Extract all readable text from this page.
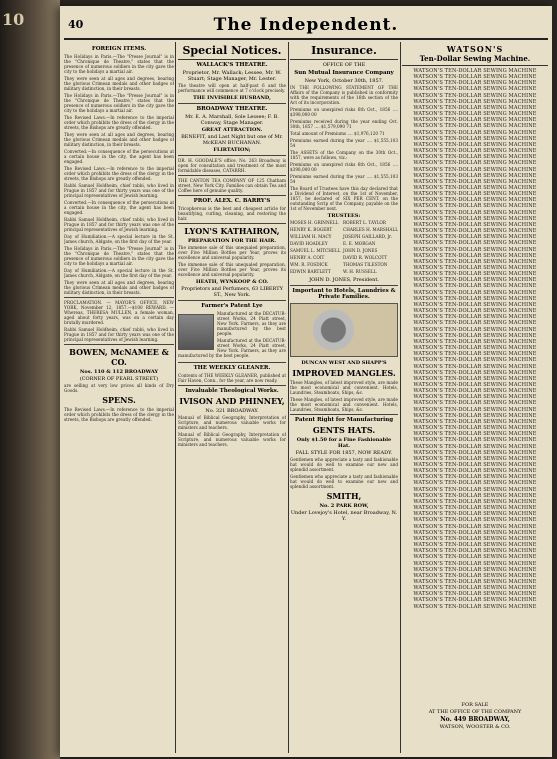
10	40	The Independent.
FOREIGN ITEMS.

The Holidays in Paris.—The "Presse Journal" is in the "Chronique de Theatre," states that the presence of numerous soldiers in the city gave the city to the holidays a martial air.

They were seen at all ages and degrees, bearing the glorious Crimean medals and other badges of military distinction, in their breasts.

The Holidays in Paris.—The "Presse Journal" is in the "Chronique de Theatre," states that the presence of numerous soldiers in the city gave the city to the holidays a martial air.

The Revised Laws.—In reference to the imperial order which prohibits the dress of the clergy in the streets, the Bishops are greatly offended.

They were seen at all ages and degrees, bearing the glorious Crimean medals and other badges of military distinction, in their breasts.

Converted.—In consequence of the persecutions at a certain house in the city, the agent has been engaged.

The Revised Laws.—In reference to the imperial order which prohibits the dress of the clergy in the streets, the Bishops are greatly offended.

Rabbi Samuel Holdheim, chief rabbi, who lived in Prague in 1857 and for thirty years was one of the principal representatives of Jewish learning.

Converted.—In consequence of the persecutions at a certain house in the city, the agent has been engaged.

Rabbi Samuel Holdheim, chief rabbi, who lived in Prague in 1857 and for thirty years was one of the principal representatives of Jewish learning.

Day of Humiliation.—A special lecture in the St. James church, Aldgate, on the first day of the year.

The Holidays in Paris.—The "Presse Journal" is in the "Chronique de Theatre," states that the presence of numerous soldiers in the city gave the city to the holidays a martial air.

Day of Humiliation.—A special lecture in the St. James church, Aldgate, on the first day of the year.

They were seen at all ages and degrees, bearing the glorious Crimean medals and other badges of military distinction, in their breasts.

PROCLAMATION. — MAYOR'S OFFICE, NEW YORK, November 12, 1857.—$100 REWARD. —Whereas, THERESA MULLEN, a female woman, aged about forty years, was on a certain day brutally murdered.

Rabbi Samuel Holdheim, chief rabbi, who lived in Prague in 1857 and for thirty years was one of the principal representatives of Jewish learning.

BOWEN, McNAMEE & CO.
Nos. 110 & 112 BROADWAY
(CORNER OF PEARL STREET)

are selling at very low prices all kinds of Dry Goods.

SPENS.

The Revised Laws.—In reference to the imperial order which prohibits the dress of the clergy in the streets, the Bishops are greatly offended.

Special Notices.
WALLACK'S THEATRE.
Proprietor, Mr. Wallack; Lessee, Mr. W. Stuart; Stage Manager, Mr. Lester.

The theatre will open at half-past 6 and the performance will commence at 7 o'clock precisely.

THE INVISIBLE HUSBAND,
BROADWAY THEATRE.
Mr. E. A. Marshall, Sole Lessee; F. B. Conway, Stage Manager.
GREAT ATTRACTION.
BENEFIT, and Last Night but one of Mr. McKEAN BUCHANAN.
FLIRTATION;

DR. H. GOODALE'S office. No. 263 Broadway is open for consultation and treatment of the most formidable diseases, CATARRH.

THE CANTON TEA COMPANY OF 125 Chatham street, New York City. Families can obtain Tea and Coffee here of genuine quality.

PROF. ALEX. C. BARRY'S

Tricopherous is the best and cheapest article for beautifying, curling, cleaning, and restoring the hair.

LYON'S KATHAIRON,
PREPARATION FOR THE HAIR.

The immense sale of this unequaled preparation, over Five Million Bottles per Year, proves its excellence and universal popularity.

The immense sale of this unequaled preparation, over Five Million Bottles per Year, proves its excellence and universal popularity.

HEATH, WYNKOOP & CO.
Proprietors and Perfumers, 63 LIBERTY ST., New York.
Farmer's Patent Lye

Manufactured at the DECATUR-street Works, 24 Piatt street, New York. Farmers, as they are manufactured by the best people.

Manufactured at the DECATUR-street Works, 24 Piatt street, New York. Farmers, as they are manufactured by the best people.

THE WEEKLY GLEANER.

Contents of THE WEEKLY GLEANER, published at Fair Haven, Conn., for the year, are now ready.

Invaluable Theological Works.
IVISON AND PHINNEY,
No. 321 BROADWAY.

Manual of Biblical Geography, Interpretation of Scripture, and numerous valuable works for ministers and teachers.

Manual of Biblical Geography, Interpretation of Scripture, and numerous valuable works for ministers and teachers.

Insurance.
OFFICE OF THE
Sun Mutual Insurance Company
New York, October 30th, 1857.

IN THE FOLLOWING STATEMENT OF THE Affairs of the Company is published in conformity with the requirements of the 16th section of the Act of its incorporation.

Premiums on unexpired risks 6th Oct., 1856 .... $398,000 00

Premiums received during the year ending Oct. 30th, 1857 .... $1,579,090 71

Total amount of Premiums .... $1,976,120 71

Premiums earned during the year .... $1,555,103 54

The ASSETS of the Company on the 30th Oct., 1857, were as follows, viz.:

Premiums on unexpired risks 6th Oct., 1856 .... $398,000 00

Premiums earned during the year .... $1,555,103 54

The Board of Trustees have this day declared that a Dividend of Interest, on the 1st of November, 1857, be declared of SIX PER CENT. on the outstanding Scrip of the Company, payable on the 1st of November next.

TRUSTEES:
MOSES H. GRINNELL
HENRY K. BOGERT
WILLIAM H. MACY
DAVID HOADLEY
SAMUEL L. MITCHELL
HENRY A. COIT
WM. R. FOSDICK
EDWIN BARTLETT
ROBERT L. TAYLOR
CHARLES H. MARSHALL
JOSEPH GAILLARD, Jr.
E. E. MORGAN
JOHN D. JONES
DAVID R. WOLCOTT
THOMAS TILESTON
W. H. RUSSELL
JOHN D. JONES, President.
Important to Hotels, Laundries & Private Families.
DUNCAN WEST AND SHAPP'S
IMPROVED MANGLES.

These Mangles, of latest improved style, are made the most economical and convenient. Hotels, Laundries, Steamboats, Ships, &c.

These Mangles, of latest improved style, are made the most economical and convenient. Hotels, Laundries, Steamboats, Ships, &c.

Patent Right for Manufacturing
GENTS HATS.
Only $1.50 for a Fine Fashionable Hat.
FALL STYLE FOR 1857, NOW READY.

Gentlemen who appreciate a tasty and fashionable hat would do well to examine our new and splendid assortment.

Gentlemen who appreciate a tasty and fashionable hat would do well to examine our new and splendid assortment.

SMITH,
No. 2 PARK ROW,
Under Lovejoy's Hotel, near Broadway, N. Y.
WATSON'S
Ten-Dollar Sewing Machine.
WATSON'S TEN-DOLLAR SEWING MACHINE
WATSON'S TEN-DOLLAR SEWING MACHINE
WATSON'S TEN-DOLLAR SEWING MACHINE
WATSON'S TEN-DOLLAR SEWING MACHINE
WATSON'S TEN-DOLLAR SEWING MACHINE
WATSON'S TEN-DOLLAR SEWING MACHINE
WATSON'S TEN-DOLLAR SEWING MACHINE
WATSON'S TEN-DOLLAR SEWING MACHINE
WATSON'S TEN-DOLLAR SEWING MACHINE
WATSON'S TEN-DOLLAR SEWING MACHINE
WATSON'S TEN-DOLLAR SEWING MACHINE
WATSON'S TEN-DOLLAR SEWING MACHINE
WATSON'S TEN-DOLLAR SEWING MACHINE
WATSON'S TEN-DOLLAR SEWING MACHINE
WATSON'S TEN-DOLLAR SEWING MACHINE
WATSON'S TEN-DOLLAR SEWING MACHINE
WATSON'S TEN-DOLLAR SEWING MACHINE
WATSON'S TEN-DOLLAR SEWING MACHINE
WATSON'S TEN-DOLLAR SEWING MACHINE
WATSON'S TEN-DOLLAR SEWING MACHINE
WATSON'S TEN-DOLLAR SEWING MACHINE
WATSON'S TEN-DOLLAR SEWING MACHINE
WATSON'S TEN-DOLLAR SEWING MACHINE
WATSON'S TEN-DOLLAR SEWING MACHINE
WATSON'S TEN-DOLLAR SEWING MACHINE
WATSON'S TEN-DOLLAR SEWING MACHINE
WATSON'S TEN-DOLLAR SEWING MACHINE
WATSON'S TEN-DOLLAR SEWING MACHINE
WATSON'S TEN-DOLLAR SEWING MACHINE
WATSON'S TEN-DOLLAR SEWING MACHINE
WATSON'S TEN-DOLLAR SEWING MACHINE
WATSON'S TEN-DOLLAR SEWING MACHINE
WATSON'S TEN-DOLLAR SEWING MACHINE
WATSON'S TEN-DOLLAR SEWING MACHINE
WATSON'S TEN-DOLLAR SEWING MACHINE
WATSON'S TEN-DOLLAR SEWING MACHINE
WATSON'S TEN-DOLLAR SEWING MACHINE
WATSON'S TEN-DOLLAR SEWING MACHINE
WATSON'S TEN-DOLLAR SEWING MACHINE
WATSON'S TEN-DOLLAR SEWING MACHINE
WATSON'S TEN-DOLLAR SEWING MACHINE
WATSON'S TEN-DOLLAR SEWING MACHINE
WATSON'S TEN-DOLLAR SEWING MACHINE
WATSON'S TEN-DOLLAR SEWING MACHINE
WATSON'S TEN-DOLLAR SEWING MACHINE
WATSON'S TEN-DOLLAR SEWING MACHINE
WATSON'S TEN-DOLLAR SEWING MACHINE
WATSON'S TEN-DOLLAR SEWING MACHINE
WATSON'S TEN-DOLLAR SEWING MACHINE
WATSON'S TEN-DOLLAR SEWING MACHINE
WATSON'S TEN-DOLLAR SEWING MACHINE
WATSON'S TEN-DOLLAR SEWING MACHINE
WATSON'S TEN-DOLLAR SEWING MACHINE
WATSON'S TEN-DOLLAR SEWING MACHINE
WATSON'S TEN-DOLLAR SEWING MACHINE
WATSON'S TEN-DOLLAR SEWING MACHINE
WATSON'S TEN-DOLLAR SEWING MACHINE
WATSON'S TEN-DOLLAR SEWING MACHINE
WATSON'S TEN-DOLLAR SEWING MACHINE
WATSON'S TEN-DOLLAR SEWING MACHINE
WATSON'S TEN-DOLLAR SEWING MACHINE
WATSON'S TEN-DOLLAR SEWING MACHINE
WATSON'S TEN-DOLLAR SEWING MACHINE
WATSON'S TEN-DOLLAR SEWING MACHINE
WATSON'S TEN-DOLLAR SEWING MACHINE
WATSON'S TEN-DOLLAR SEWING MACHINE
WATSON'S TEN-DOLLAR SEWING MACHINE
WATSON'S TEN-DOLLAR SEWING MACHINE
WATSON'S TEN-DOLLAR SEWING MACHINE
WATSON'S TEN-DOLLAR SEWING MACHINE
WATSON'S TEN-DOLLAR SEWING MACHINE
WATSON'S TEN-DOLLAR SEWING MACHINE
WATSON'S TEN-DOLLAR SEWING MACHINE
WATSON'S TEN-DOLLAR SEWING MACHINE
WATSON'S TEN-DOLLAR SEWING MACHINE
WATSON'S TEN-DOLLAR SEWING MACHINE
WATSON'S TEN-DOLLAR SEWING MACHINE
WATSON'S TEN-DOLLAR SEWING MACHINE
WATSON'S TEN-DOLLAR SEWING MACHINE
WATSON'S TEN-DOLLAR SEWING MACHINE
WATSON'S TEN-DOLLAR SEWING MACHINE
WATSON'S TEN-DOLLAR SEWING MACHINE
WATSON'S TEN-DOLLAR SEWING MACHINE
WATSON'S TEN-DOLLAR SEWING MACHINE
WATSON'S TEN-DOLLAR SEWING MACHINE
WATSON'S TEN-DOLLAR SEWING MACHINE
WATSON'S TEN-DOLLAR SEWING MACHINE
WATSON'S TEN-DOLLAR SEWING MACHINE
FOR SALE
AT THE OFFICE OF THE COMPANY
No. 449 BROADWAY,
WATSON, WOOSTER & CO.
